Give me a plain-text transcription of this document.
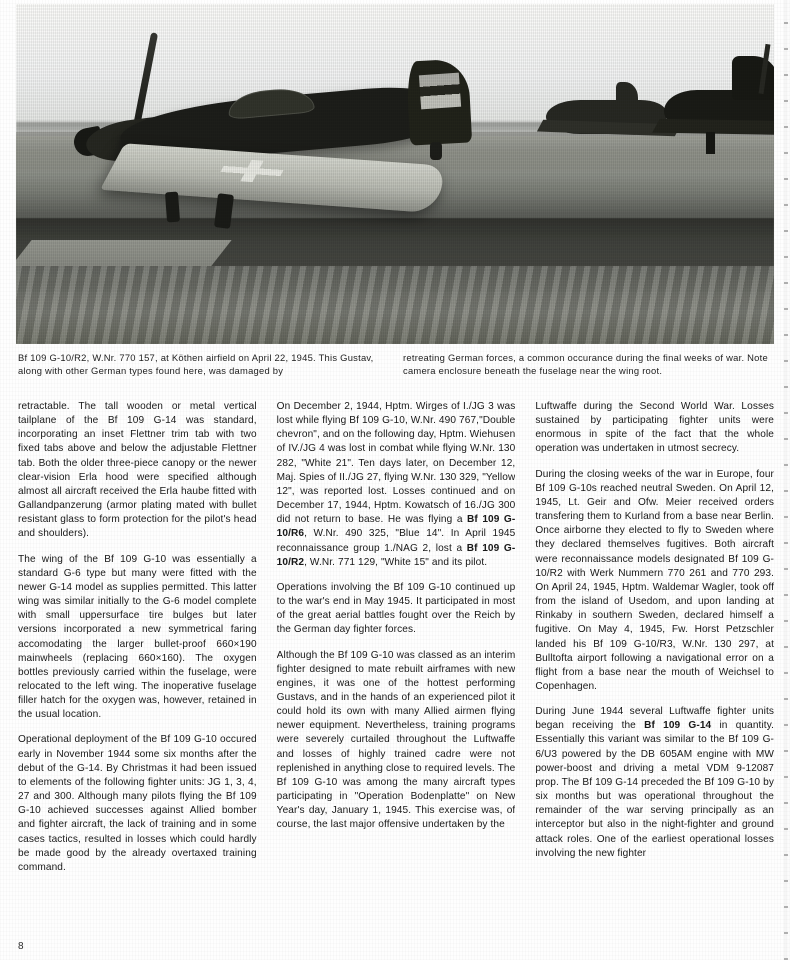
Bf 109 G-10/R2, W.Nr. 770 157, at Köthen airfield on April 22, 1945. This Gustav, along with other German types found here, was damaged by
retreating German forces, a common occurance during the final weeks of war. Note camera enclosure beneath the fuselage near the wing root.

retractable. The tall wooden or metal vertical tailplane of the Bf 109 G-14 was standard, incorporating an inset Flettner trim tab with two fixed tabs above and below the adjustable Flettner tab. Both the older three-piece canopy or the newer clear-vision Erla hood were specified although almost all aircraft received the Erla haube fitted with Gallandpanzerung (armor plating mated with bullet resistant glass to form protection for the pilot's head and shoulders).

The wing of the Bf 109 G-10 was essentially a standard G-6 type but many were fitted with the newer G-14 model as supplies permitted. This latter wing was similar initially to the G-6 model complete with small uppersurface tire bulges but later versions incorporated a new symmetrical faring accomodating the larger bullet-proof 660×190 mainwheels (replacing 660×160). The oxygen bottles previously carried within the fuselage, were relocated to the left wing. The inoperative fuselage filler hatch for the oxygen was, however, retained in the usual location.

Operational deployment of the Bf 109 G-10 occured early in November 1944 some six months after the debut of the G-14. By Christmas it had been issued to elements of the following fighter units: JG 1, 3, 4, 27 and 300. Although many pilots flying the Bf 109 G-10 achieved successes against Allied bomber and fighter aircraft, the lack of training and in some cases tactics, resulted in losses which could hardly be made good by the already overtaxed training command.

On December 2, 1944, Hptm. Wirges of I./JG 3 was lost while flying Bf 109 G-10, W.Nr. 490 767,"Double chevron", and on the following day, Hptm. Wiehusen of IV./JG 4 was lost in combat while flying W.Nr. 130 282, "White 21". Ten days later, on December 12, Maj. Spies of II./JG 27, flying W.Nr. 130 329, "Yellow 12", was reported lost. Losses continued and on December 17, 1944, Hptm. Kowatsch of 16./JG 300 did not return to base. He was flying a Bf 109 G-10/R6, W.Nr. 490 325, "Blue 14". In April 1945 reconnaissance group 1./NAG 2, lost a Bf 109 G-10/R2, W.Nr. 771 129, "White 15" and its pilot.

Operations involving the Bf 109 G-10 continued up to the war's end in May 1945. It participated in most of the great aerial battles fought over the Reich by the German day fighter forces.

Although the Bf 109 G-10 was classed as an interim fighter designed to mate rebuilt airframes with new engines, it was one of the hottest performing Gustavs, and in the hands of an experienced pilot it could hold its own with many Allied airmen flying newer equipment. Nevertheless, training programs were severely curtailed throughout the Luftwaffe and losses of highly trained cadre were not replenished in anything close to required levels. The Bf 109 G-10 was among the many aircraft types participating in "Operation Bodenplatte" on New Year's day, January 1, 1945. This exercise was, of course, the last major offensive undertaken by the

Luftwaffe during the Second World War. Losses sustained by participating fighter units were enormous in spite of the fact that the whole operation was undertaken in utmost secrecy.

During the closing weeks of the war in Europe, four Bf 109 G-10s reached neutral Sweden. On April 12, 1945, Lt. Geir and Ofw. Meier received orders transfering them to Kurland from a base near Berlin. Once airborne they elected to fly to Sweden where they declared themselves fugitives. Both aircraft were reconnaissance models designated Bf 109 G-10/R2 with Werk Nummern 770 261 and 770 293. On April 24, 1945, Hptm. Waldemar Wagler, took off from the island of Usedom, and upon landing at Rinkaby in southern Sweden, declared himself a fugitive. On May 4, 1945, Fw. Horst Petzschler landed his Bf 109 G-10/R3, W.Nr. 130 297, at Bulltofta airport following a navigational error on a flight from a base near the mouth of Weichsel to Copenhagen.

During June 1944 several Luftwaffe fighter units began receiving the Bf 109 G-14 in quantity. Essentially this variant was similar to the Bf 109 G-6/U3 powered by the DB 605AM engine with MW power-boost and driving a metal VDM 9-12087 prop. The Bf 109 G-14 preceded the Bf 109 G-10 by six months but was operational throughout the remainder of the war serving principally as an interceptor but also in the night-fighter and ground attack roles. One of the earliest operational losses involving the new fighter

8
